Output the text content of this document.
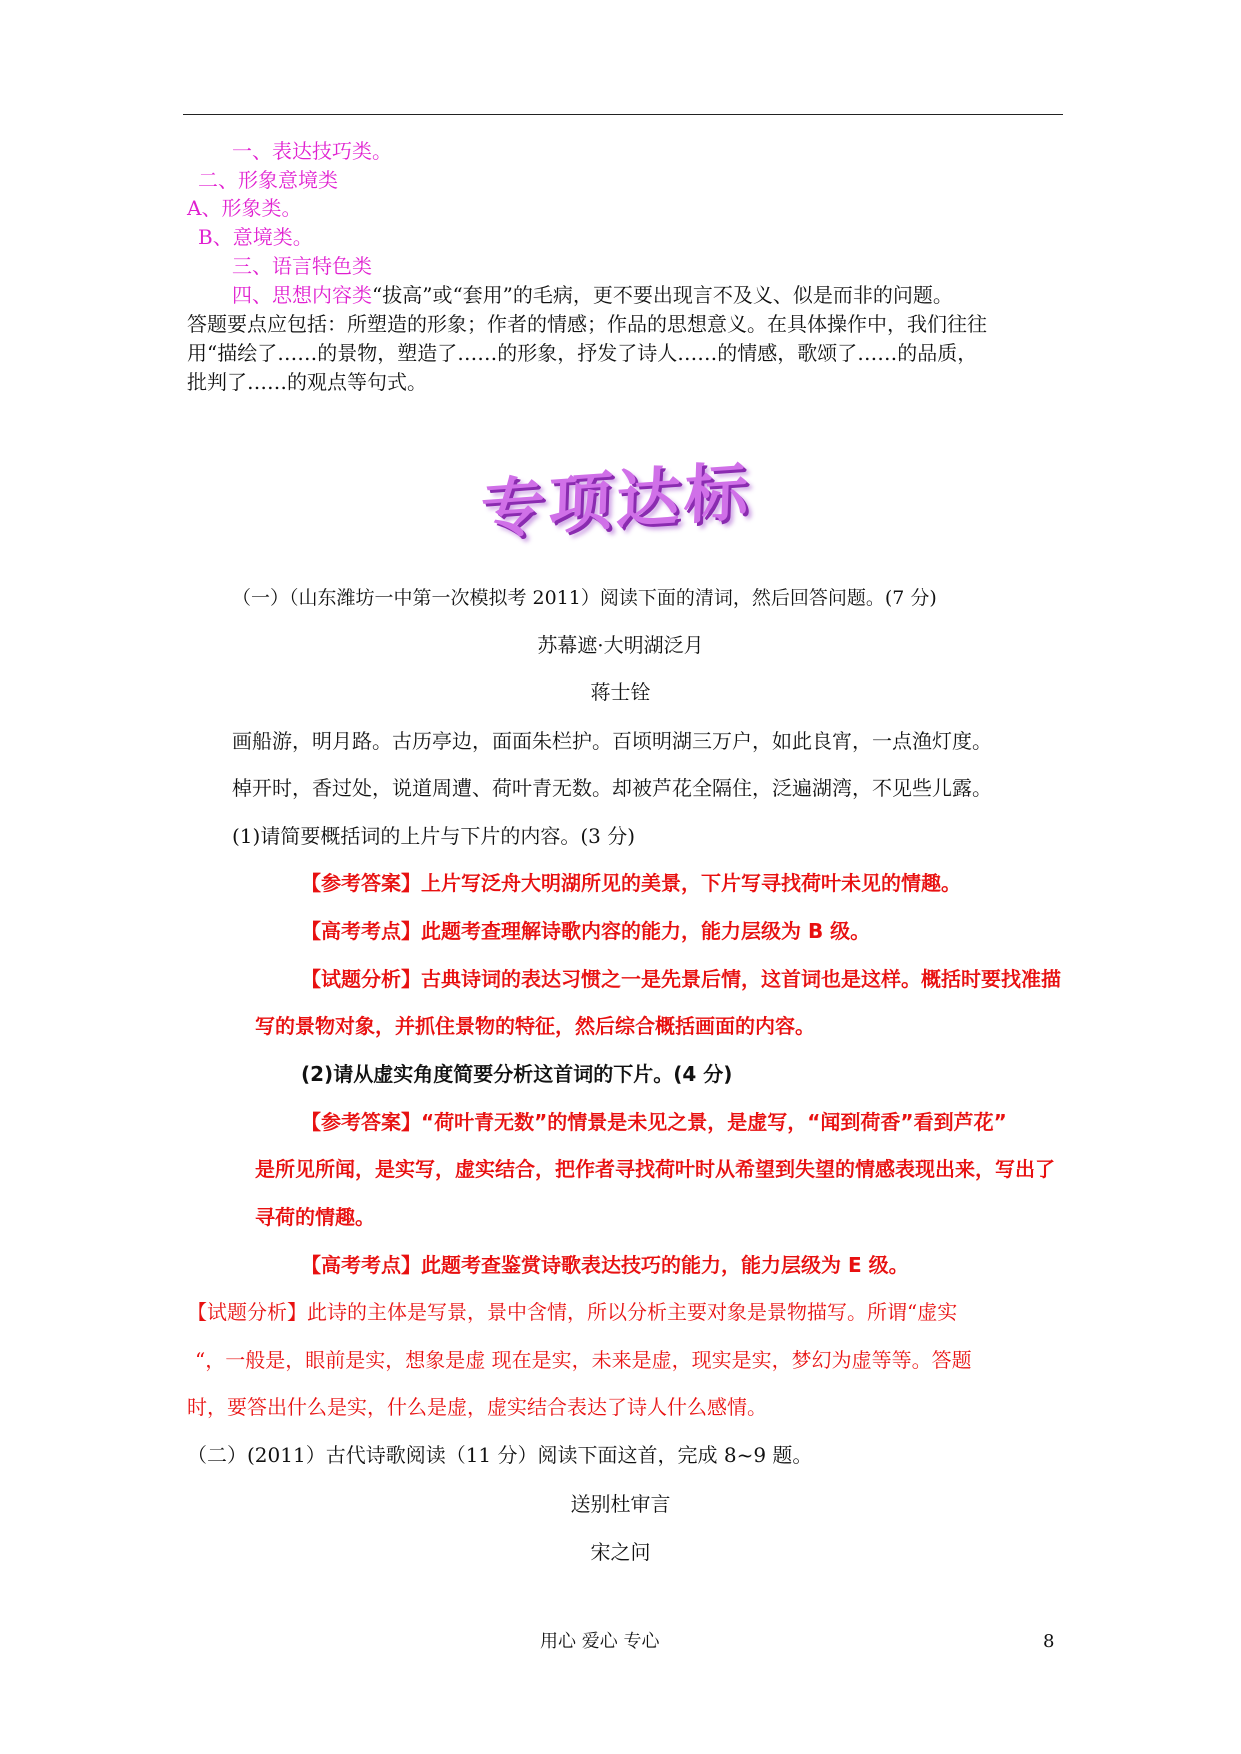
一、表达技巧类。
二、形象意境类
A、形象类。
B、意境类。
三、语言特色类
四、思想内容类“拔高”或“套用”的毛病，更不要出现言不及义、似是而非的问题。
答题要点应包括：所塑造的形象；作者的情感；作品的思想意义。在具体操作中，我们往往
用“描绘了……的景物，塑造了……的形象，抒发了诗人……的情感，歌颂了……的品质，
批判了……的观点等句式。
专项达标
（一）（山东潍坊一中第一次模拟考 2011）阅读下面的清词，然后回答问题。(7 分)
苏幕遮·大明湖泛月
蒋士铨
画船游，明月路。古历亭边，面面朱栏护。百顷明湖三万户，如此良宵，一点渔灯度。
棹开时，香过处，说道周遭、荷叶青无数。却被芦花全隔住，泛遍湖湾，不见些儿露。
(1)请简要概括词的上片与下片的内容。(3 分)
【参考答案】上片写泛舟大明湖所见的美景，下片写寻找荷叶未见的情趣。
【高考考点】此题考查理解诗歌内容的能力，能力层级为 B 级。
【试题分析】古典诗词的表达习惯之一是先景后情，这首词也是这样。概括时要找准描
写的景物对象，并抓住景物的特征，然后综合概括画面的内容。
(2)请从虚实角度简要分析这首词的下片。(4 分)
【参考答案】“荷叶青无数”的情景是未见之景，是虚写，“闻到荷香”看到芦花”
是所见所闻，是实写，虚实结合，把作者寻找荷叶时从希望到失望的情感表现出来，写出了
寻荷的情趣。
【高考考点】此题考查鉴赏诗歌表达技巧的能力，能力层级为 E 级。
【试题分析】此诗的主体是写景，景中含情，所以分析主要对象是景物描写。所谓“虚实
“，一般是，眼前是实，想象是虚 现在是实，未来是虚，现实是实，梦幻为虚等等。答题
时，要答出什么是实，什么是虚，虚实结合表达了诗人什么感情。
（二）(2011）古代诗歌阅读（11 分）阅读下面这首，完成 8~9 题。
送别杜审言
宋之问
用心 爱心 专心	8
